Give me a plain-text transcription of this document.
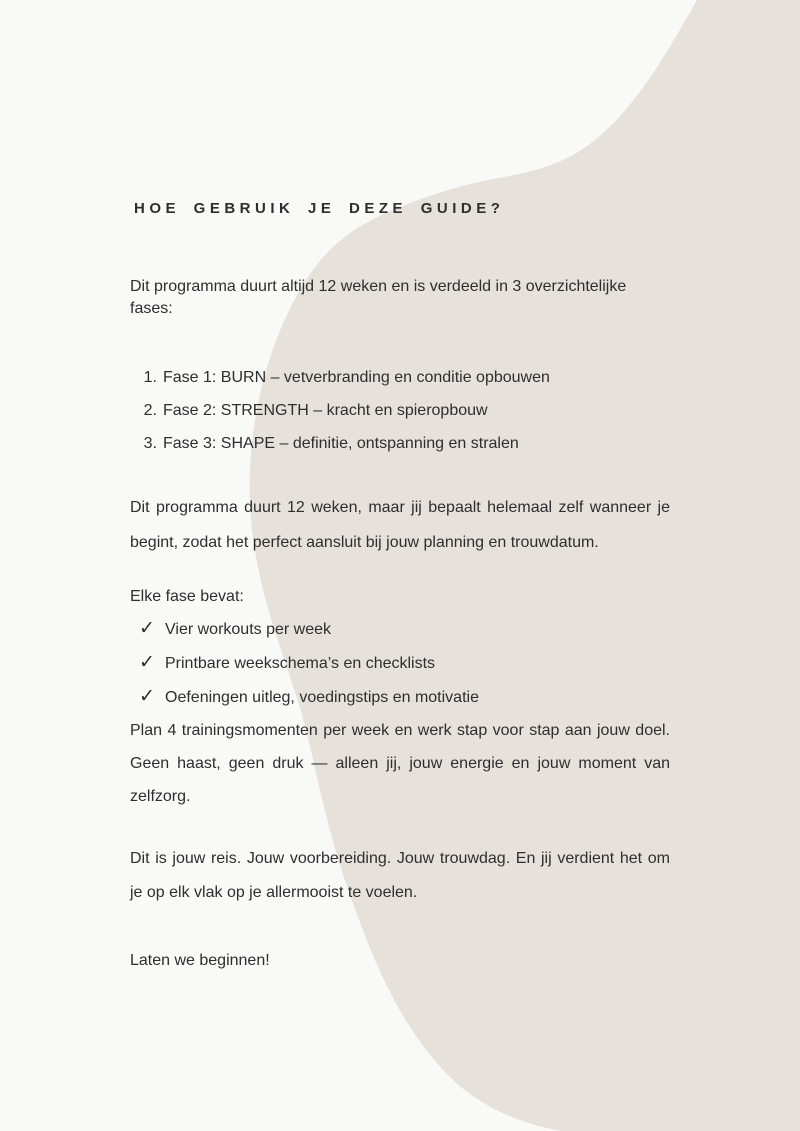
HOE GEBRUIK JE DEZE GUIDE?

Dit programma duurt altijd 12 weken en is verdeeld in 3 overzichtelijke fases:

1. Fase 1: BURN – vetverbranding en conditie opbouwen
2. Fase 2: STRENGTH – kracht en spieropbouw
3. Fase 3: SHAPE – definitie, ontspanning en stralen

Dit programma duurt 12 weken, maar jij bepaalt helemaal zelf wanneer je begint, zodat het perfect aansluit bij jouw planning en trouwdatum.

Elke fase bevat:

✓ Vier workouts per week
✓ Printbare weekschema’s en checklists
✓ Oefeningen uitleg, voedingstips en motivatie

Plan 4 trainingsmomenten per week en werk stap voor stap aan jouw doel. Geen haast, geen druk — alleen jij, jouw energie en jouw moment van zelfzorg.

Dit is jouw reis. Jouw voorbereiding. Jouw trouwdag. En jij verdient het om je op elk vlak op je allermooist te voelen.

Laten we beginnen!
